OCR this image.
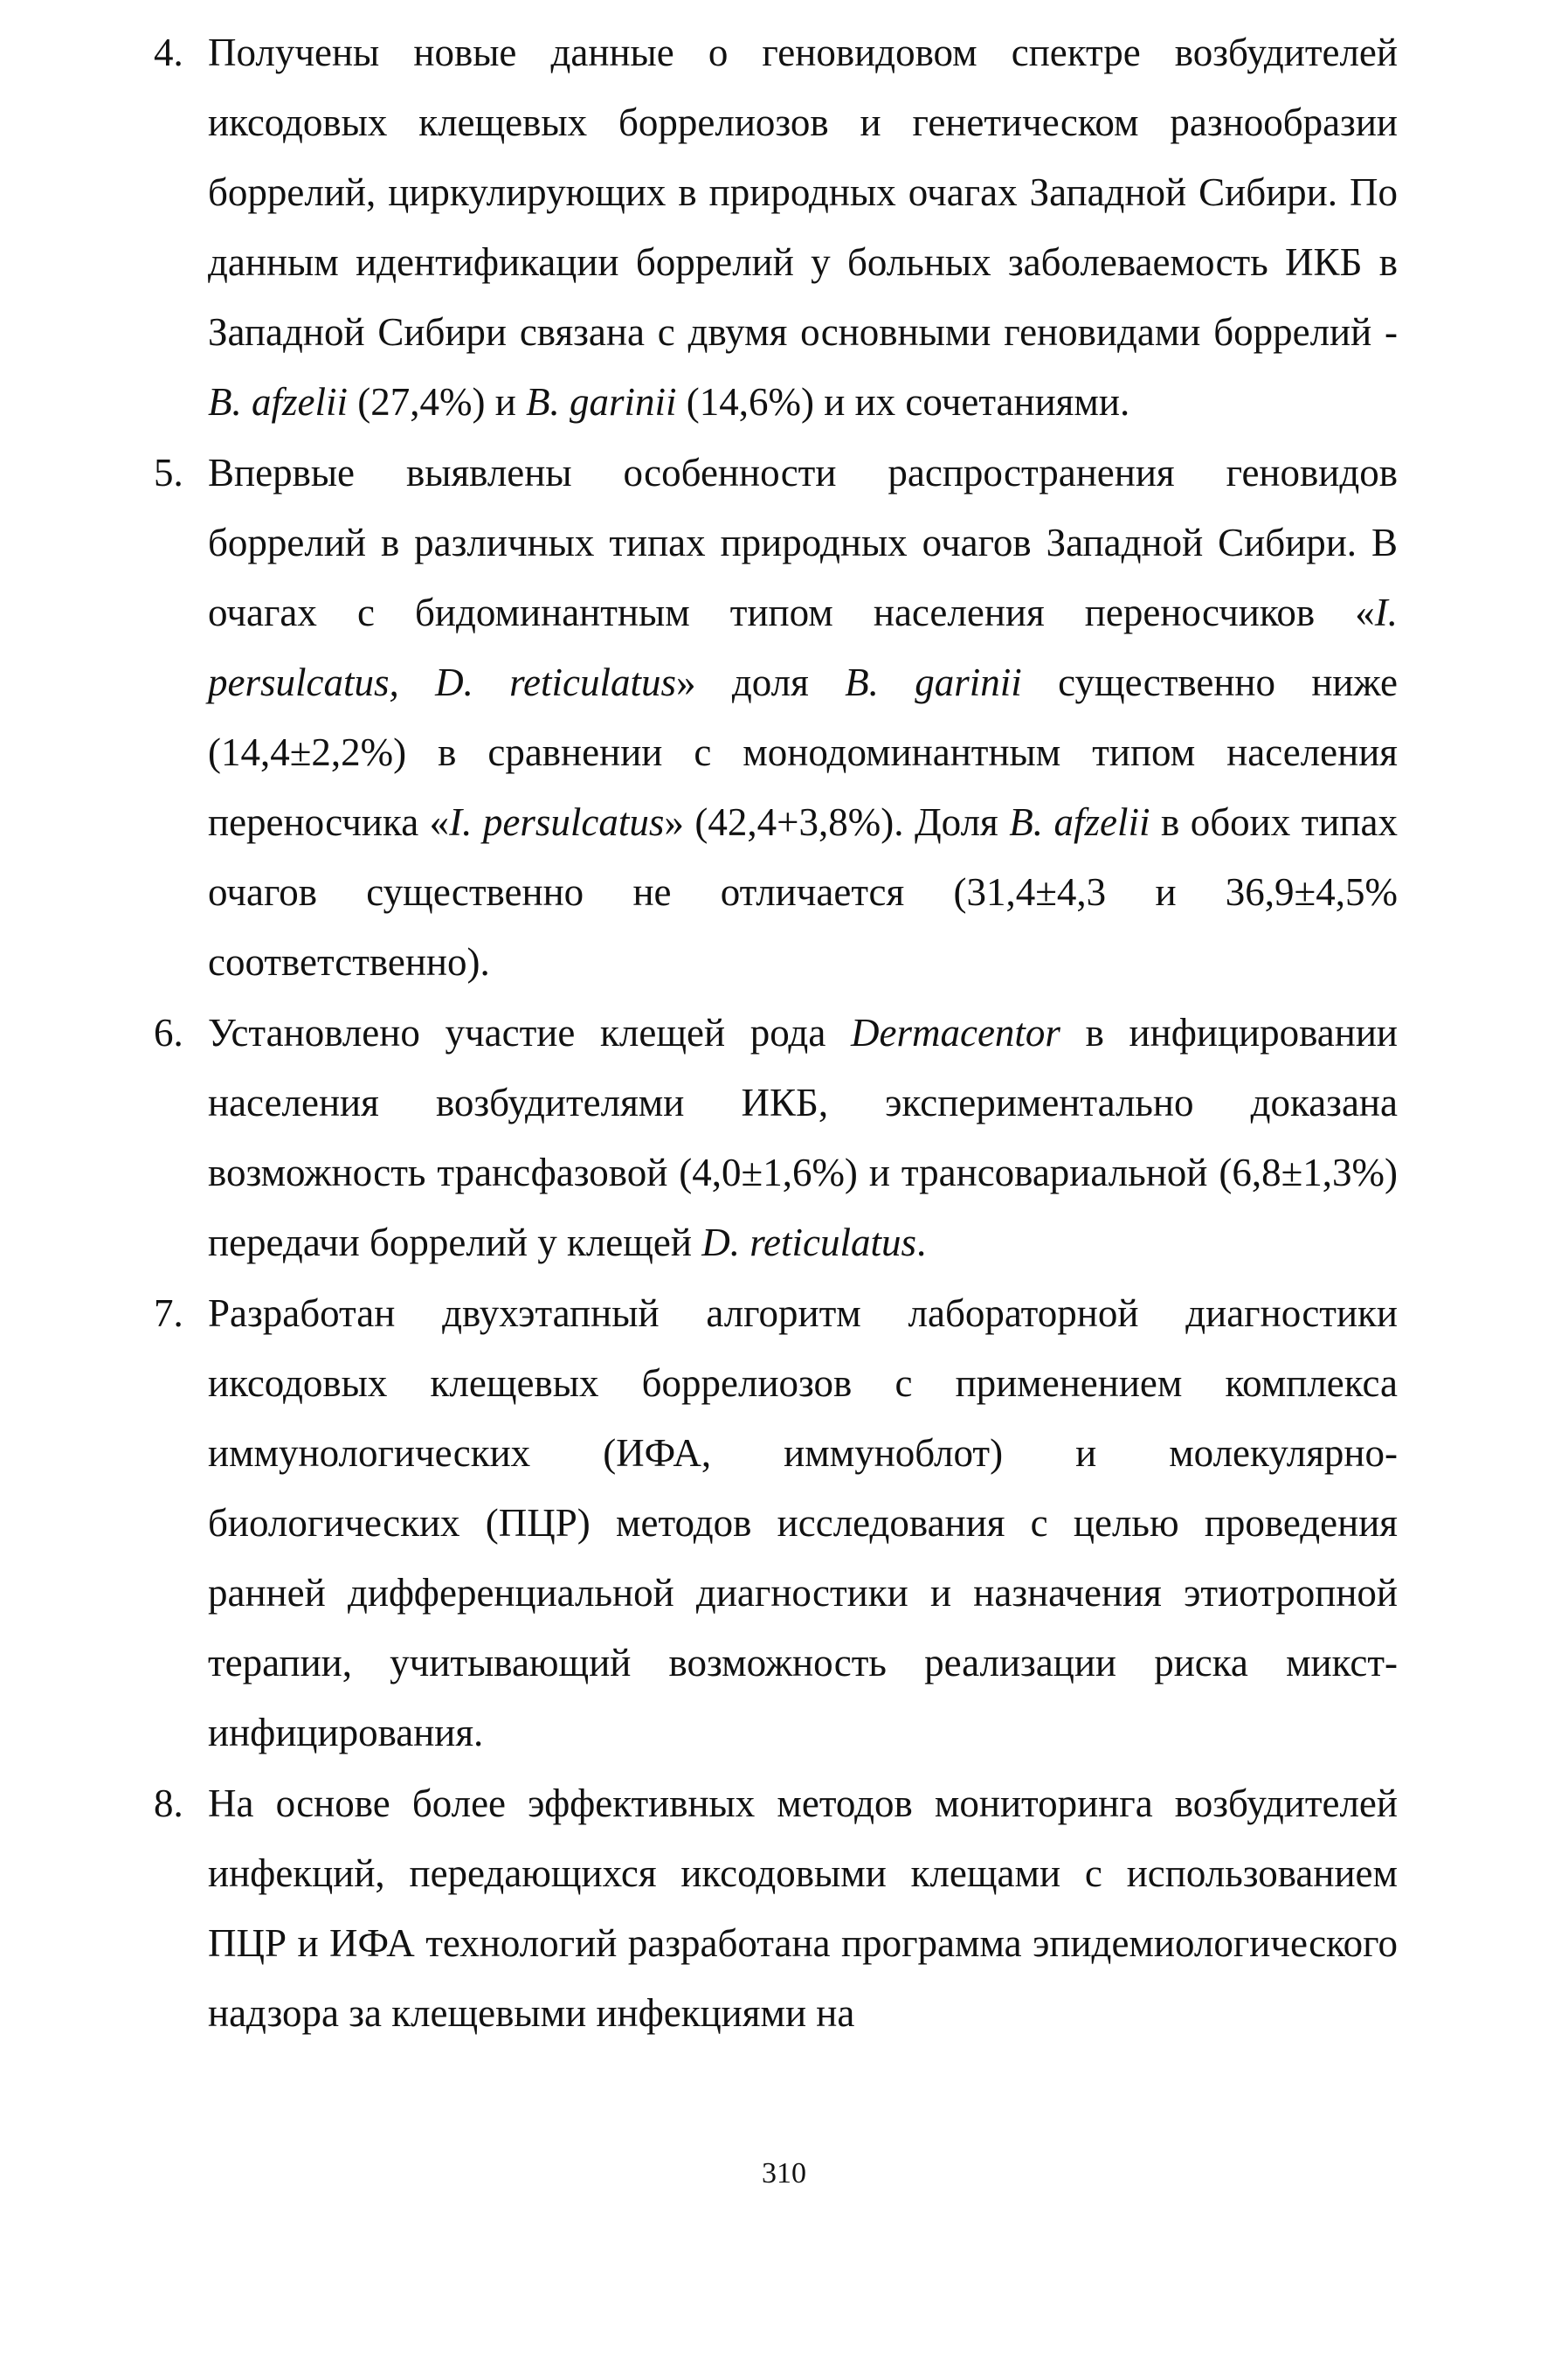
4. Получены новые данные о геновидовом спектре возбудителей иксодовых клещевых боррелиозов и генетическом разнообразии боррелий, циркулирующих в природных очагах Западной Сибири. По данным идентификации боррелий у больных заболеваемость ИКБ в Западной Сибири связана с двумя основными геновидами боррелий - B. afzelii (27,4%) и B. garinii (14,6%) и их сочетаниями.
5. Впервые выявлены особенности распространения геновидов боррелий в различных типах природных очагов Западной Сибири. В очагах с бидоминантным типом населения переносчиков «I. persulcatus, D. reticulatus» доля B. garinii существенно ниже (14,4±2,2%) в сравнении с монодоминантным типом населения переносчика «I. persulcatus» (42,4+3,8%). Доля B. afzelii в обоих типах очагов существенно не отличается (31,4±4,3 и 36,9±4,5% соответственно).
6. Установлено участие клещей рода Dermacentor в инфицировании населения возбудителями ИКБ, экспериментально доказана возможность трансфазовой (4,0±1,6%) и трансовариальной (6,8±1,3%) передачи боррелий у клещей D. reticulatus.
7. Разработан двухэтапный алгоритм лабораторной диагностики иксодовых клещевых боррелиозов с применением комплекса иммунологических (ИФА, иммуноблот) и молекулярно-биологических (ПЦР) методов исследования с целью проведения ранней дифференциальной диагностики и назначения этиотропной терапии, учитывающий возможность реализации риска микст-инфицирования.
8. На основе более эффективных методов мониторинга возбудителей инфекций, передающихся иксодовыми клещами с использованием ПЦР и ИФА технологий разработана программа эпидемиологического надзора за клещевыми инфекциями на
310
